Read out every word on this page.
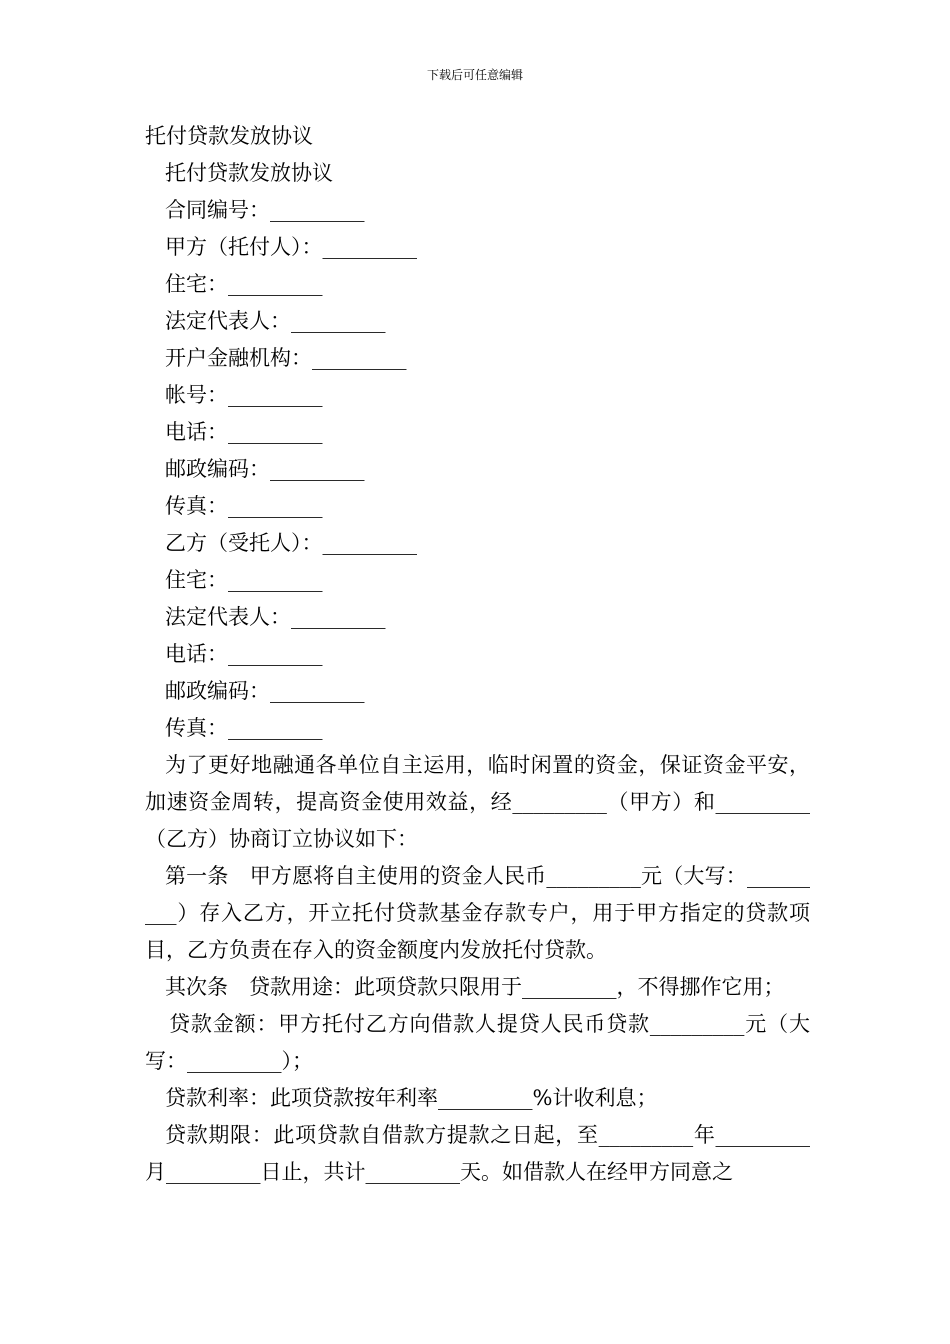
下载后可任意编辑
托付贷款发放协议
托付贷款发放协议
合同编号：_________
甲方（托付人）：_________
住宅：_________
法定代表人：_________
开户金融机构：_________
帐号：_________
电话：_________
邮政编码：_________
传真：_________
乙方（受托人）：_________
住宅：_________
法定代表人：_________
电话：_________
邮政编码：_________
传真：_________
为了更好地融通各单位自主运用，临时闲置的资金，保证资金平安，加速资金周转，提高资金使用效益，经_________（甲方）和_________（乙方）协商订立协议如下：
第一条　甲方愿将自主使用的资金人民币_________元（大写：_________）存入乙方，开立托付贷款基金存款专户，用于甲方指定的贷款项目，乙方负责在存入的资金额度内发放托付贷款。
其次条　贷款用途：此项贷款只限用于_________，不得挪作它用；
贷款金额：甲方托付乙方向借款人提贷人民币贷款_________元（大写：_________）；
贷款利率：此项贷款按年利率_________%计收利息；
贷款期限：此项贷款自借款方提款之日起，至_________年_________月_________日止，共计_________天。如借款人在经甲方同意之
